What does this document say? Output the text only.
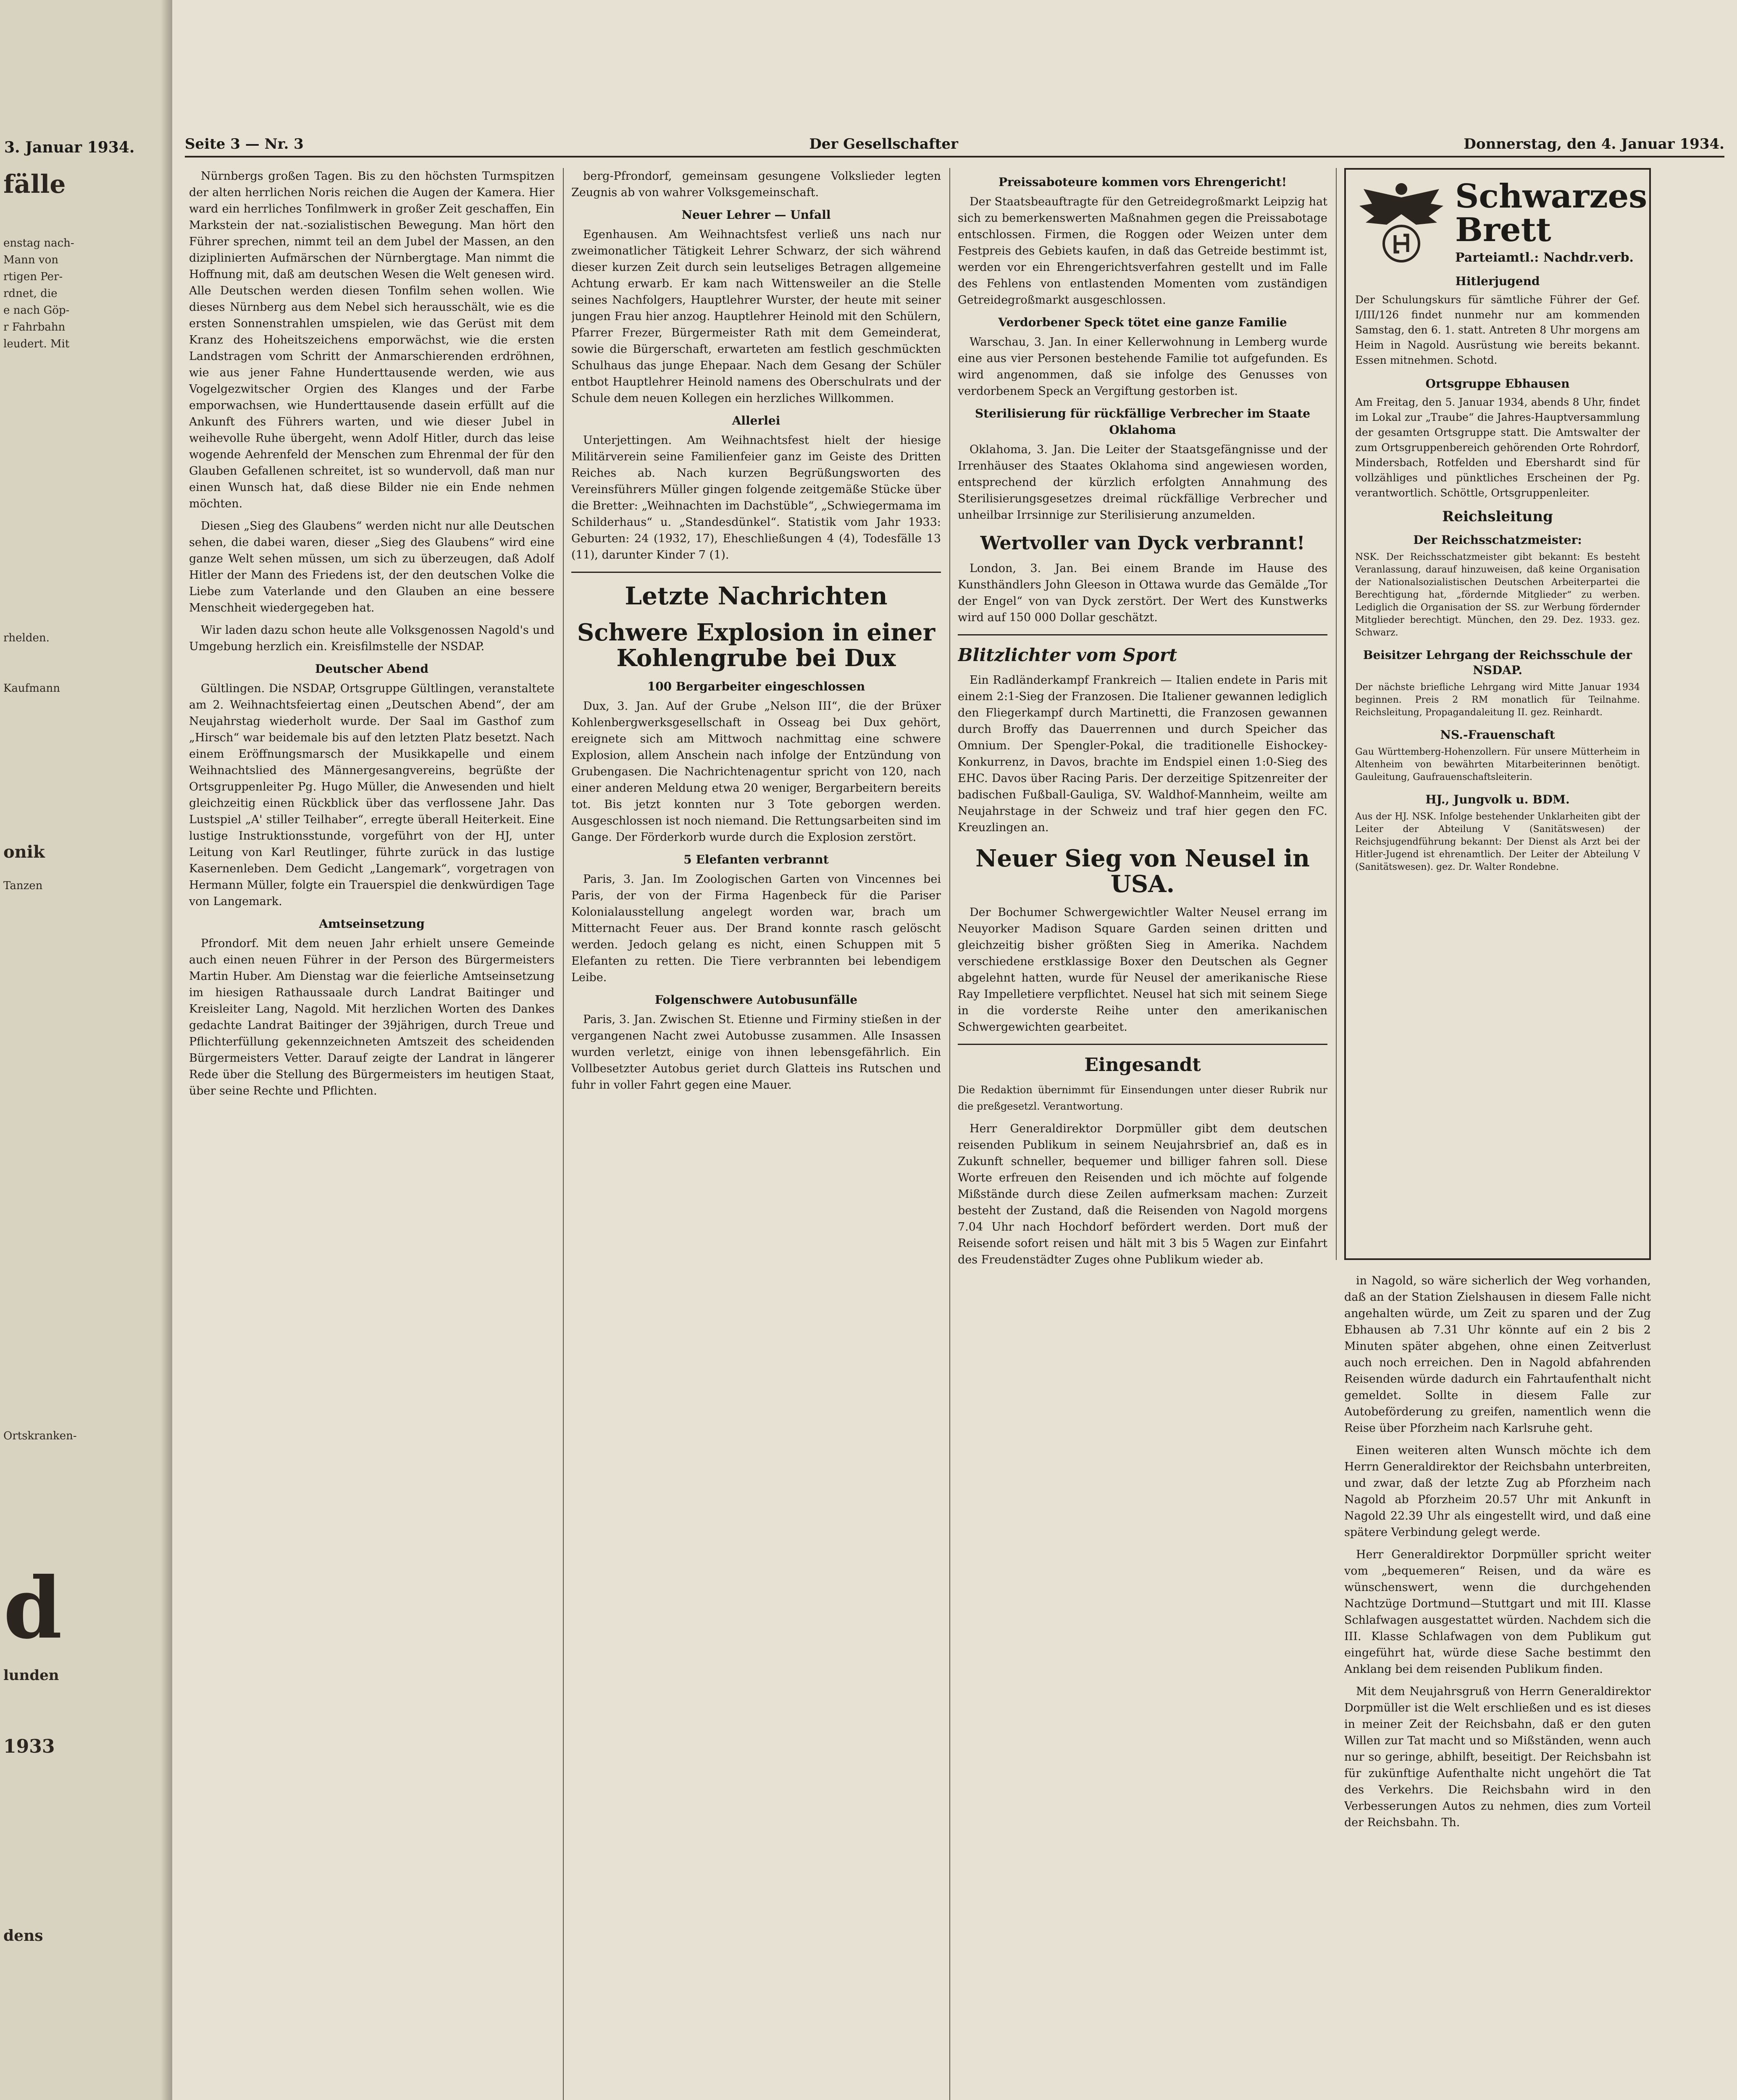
3. Januar 1934.
fälle
enstag nach-
Mann von
rtigen Per-
rdnet, die
e nach Göp-
r Fahrbahn
leudert. Mit
Kaufmann
rhelden.
onik
Tanzen
Ortskranken-
d
lunden
1933
dens
Seite 3 — Nr. 3	Der Gesellschafter	Donnerstag, den 4. Januar 1934.

Nürnbergs großen Tagen. Bis zu den höchsten Turmspitzen der alten herrlichen Noris reichen die Augen der Kamera. Hier ward ein herrliches Tonfilmwerk in großer Zeit geschaffen, Ein Markstein der nat.-sozialistischen Bewegung. Man hört den Führer sprechen, nimmt teil an dem Jubel der Massen, an den diziplinierten Aufmärschen der Nürnbergtage. Man nimmt die Hoffnung mit, daß am deutschen Wesen die Welt genesen wird. Alle Deutschen werden diesen Tonfilm sehen wollen. Wie dieses Nürnberg aus dem Nebel sich herausschält, wie es die ersten Sonnenstrahlen umspielen, wie das Gerüst mit dem Kranz des Hoheitszeichens emporwächst, wie die ersten Landstragen vom Schritt der Anmarschierenden erdröhnen, wie aus jener Fahne Hunderttausende werden, wie aus Vogelgezwitscher Orgien des Klanges und der Farbe emporwachsen, wie Hunderttausende dasein erfüllt auf die Ankunft des Führers warten, und wie dieser Jubel in weihevolle Ruhe übergeht, wenn Adolf Hitler, durch das leise wogende Aehrenfeld der Menschen zum Ehrenmal der für den Glauben Gefallenen schreitet, ist so wundervoll, daß man nur einen Wunsch hat, daß diese Bilder nie ein Ende nehmen möchten.

Diesen „Sieg des Glaubens“ werden nicht nur alle Deutschen sehen, die dabei waren, dieser „Sieg des Glaubens“ wird eine ganze Welt sehen müssen, um sich zu überzeugen, daß Adolf Hitler der Mann des Friedens ist, der den deutschen Volke die Liebe zum Vaterlande und den Glauben an eine bessere Menschheit wiedergegeben hat.

Wir laden dazu schon heute alle Volksgenossen Nagold's und Umgebung herzlich ein. Kreisfilmstelle der NSDAP.

Deutscher Abend

Gültlingen. Die NSDAP, Ortsgruppe Gültlingen, veranstaltete am 2. Weihnachtsfeiertag einen „Deutschen Abend“, der am Neujahrstag wiederholt wurde. Der Saal im Gasthof zum „Hirsch“ war beidemale bis auf den letzten Platz besetzt. Nach einem Eröffnungsmarsch der Musikkapelle und einem Weihnachtslied des Männergesangvereins, begrüßte der Ortsgruppenleiter Pg. Hugo Müller, die Anwesenden und hielt gleichzeitig einen Rückblick über das verflossene Jahr. Das Lustspiel „A' stiller Teilhaber“, erregte überall Heiterkeit. Eine lustige Instruktionsstunde, vorgeführt von der HJ, unter Leitung von Karl Reutlinger, führte zurück in das lustige Kasernenleben. Dem Gedicht „Langemark“, vorgetragen von Hermann Müller, folgte ein Trauerspiel die denkwürdigen Tage von Langemark.

Amtseinsetzung

Pfrondorf. Mit dem neuen Jahr erhielt unsere Gemeinde auch einen neuen Führer in der Person des Bürgermeisters Martin Huber. Am Dienstag war die feierliche Amtseinsetzung im hiesigen Rathaussaale durch Landrat Baitinger und Kreisleiter Lang, Nagold. Mit herzlichen Worten des Dankes gedachte Landrat Baitinger der 39jährigen, durch Treue und Pflichterfüllung gekennzeichneten Amtszeit des scheidenden Bürgermeisters Vetter. Darauf zeigte der Landrat in längerer Rede über die Stellung des Bürgermeisters im heutigen Staat, über seine Rechte und Pflichten.

berg-Pfrondorf, gemeinsam gesungene Volkslieder legten Zeugnis ab von wahrer Volksgemeinschaft.

Neuer Lehrer — Unfall

Egenhausen. Am Weihnachtsfest verließ uns nach nur zweimonatlicher Tätigkeit Lehrer Schwarz, der sich während dieser kurzen Zeit durch sein leutseliges Betragen allgemeine Achtung erwarb. Er kam nach Wittensweiler an die Stelle seines Nachfolgers, Hauptlehrer Wurster, der heute mit seiner jungen Frau hier anzog. Hauptlehrer Heinold mit den Schülern, Pfarrer Frezer, Bürgermeister Rath mit dem Gemeinderat, sowie die Bürgerschaft, erwarteten am festlich geschmückten Schulhaus das junge Ehepaar. Nach dem Gesang der Schüler entbot Hauptlehrer Heinold namens des Oberschulrats und der Schule dem neuen Kollegen ein herzliches Willkommen.

Allerlei

Unterjettingen. Am Weihnachtsfest hielt der hiesige Militärverein seine Familienfeier ganz im Geiste des Dritten Reiches ab. Nach kurzen Begrüßungsworten des Vereinsführers Müller gingen folgende zeitgemäße Stücke über die Bretter: „Weihnachten im Dachstüble“, „Schwiegermama im Schilderhaus“ u. „Standesdünkel“. Statistik vom Jahr 1933: Geburten: 24 (1932, 17), Eheschließungen 4 (4), Todesfälle 13 (11), darunter Kinder 7 (1).

Letzte Nachrichten
Schwere Explosion in einer Kohlengrube bei Dux
100 Bergarbeiter eingeschlossen

Dux, 3. Jan. Auf der Grube „Nelson III“, die der Brüxer Kohlenbergwerksgesellschaft in Osseag bei Dux gehört, ereignete sich am Mittwoch nachmittag eine schwere Explosion, allem Anschein nach infolge der Entzündung von Grubengasen. Die Nachrichtenagentur spricht von 120, nach einer anderen Meldung etwa 20 weniger, Bergarbeitern bereits tot. Bis jetzt konnten nur 3 Tote geborgen werden. Ausgeschlossen ist noch niemand. Die Rettungsarbeiten sind im Gange. Der Förderkorb wurde durch die Explosion zerstört.

5 Elefanten verbrannt

Paris, 3. Jan. Im Zoologischen Garten von Vincennes bei Paris, der von der Firma Hagenbeck für die Pariser Kolonialausstellung angelegt worden war, brach um Mitternacht Feuer aus. Der Brand konnte rasch gelöscht werden. Jedoch gelang es nicht, einen Schuppen mit 5 Elefanten zu retten. Die Tiere verbrannten bei lebendigem Leibe.

Folgenschwere Autobusunfälle

Paris, 3. Jan. Zwischen St. Etienne und Firminy stießen in der vergangenen Nacht zwei Autobusse zusammen. Alle Insassen wurden verletzt, einige von ihnen lebensgefährlich. Ein Vollbesetzter Autobus geriet durch Glatteis ins Rutschen und fuhr in voller Fahrt gegen eine Mauer.

Preissaboteure kommen vors Ehrengericht!

Der Staatsbeauftragte für den Getreidegroßmarkt Leipzig hat sich zu bemerkenswerten Maßnahmen gegen die Preissabotage entschlossen. Firmen, die Roggen oder Weizen unter dem Festpreis des Gebiets kaufen, in daß das Getreide bestimmt ist, werden vor ein Ehrengerichtsverfahren gestellt und im Falle des Fehlens von entlastenden Momenten vom zuständigen Getreidegroßmarkt ausgeschlossen.

Verdorbener Speck tötet eine ganze Familie

Warschau, 3. Jan. In einer Kellerwohnung in Lemberg wurde eine aus vier Personen bestehende Familie tot aufgefunden. Es wird angenommen, daß sie infolge des Genusses von verdorbenem Speck an Vergiftung gestorben ist.

Sterilisierung für rückfällige Verbrecher im Staate Oklahoma

Oklahoma, 3. Jan. Die Leiter der Staatsgefängnisse und der Irrenhäuser des Staates Oklahoma sind angewiesen worden, entsprechend der kürzlich erfolgten Annahmung des Sterilisierungsgesetzes dreimal rückfällige Verbrecher und unheilbar Irrsinnige zur Sterilisierung anzumelden.

Wertvoller van Dyck verbrannt!

London, 3. Jan. Bei einem Brande im Hause des Kunsthändlers John Gleeson in Ottawa wurde das Gemälde „Tor der Engel“ von van Dyck zerstört. Der Wert des Kunstwerks wird auf 150 000 Dollar geschätzt.

Blitzlichter vom Sport

Ein Radländerkampf Frankreich — Italien endete in Paris mit einem 2:1-Sieg der Franzosen. Die Italiener gewannen lediglich den Fliegerkampf durch Martinetti, die Franzosen gewannen durch Broffy das Dauerrennen und durch Speicher das Omnium. Der Spengler-Pokal, die traditionelle Eishockey-Konkurrenz, in Davos, brachte im Endspiel einen 1:0-Sieg des EHC. Davos über Racing Paris. Der derzeitige Spitzenreiter der badischen Fußball-Gauliga, SV. Waldhof-Mannheim, weilte am Neujahrstage in der Schweiz und traf hier gegen den FC. Kreuzlingen an.

Neuer Sieg von Neusel in USA.

Der Bochumer Schwergewichtler Walter Neusel errang im Neuyorker Madison Square Garden seinen dritten und gleichzeitig bisher größten Sieg in Amerika. Nachdem verschiedene erstklassige Boxer den Deutschen als Gegner abgelehnt hatten, wurde für Neusel der amerikanische Riese Ray Impelletiere verpflichtet. Neusel hat sich mit seinem Siege in die vorderste Reihe unter den amerikanischen Schwergewichten gearbeitet.

Eingesandt

Die Redaktion übernimmt für Einsendungen unter dieser Rubrik nur die preßgesetzl. Verantwortung.

Herr Generaldirektor Dorpmüller gibt dem deutschen reisenden Publikum in seinem Neujahrsbrief an, daß es in Zukunft schneller, bequemer und billiger fahren soll. Diese Worte erfreuen den Reisenden und ich möchte auf folgende Mißstände durch diese Zeilen aufmerksam machen: Zurzeit besteht der Zustand, daß die Reisenden von Nagold morgens 7.04 Uhr nach Hochdorf befördert werden. Dort muß der Reisende sofort reisen und hält mit 3 bis 5 Wagen zur Einfahrt des Freudenstädter Zuges ohne Publikum wieder ab.

Schwarzes Brett
Parteiamtl.: Nachdr.verb.
Hitlerjugend

Der Schulungskurs für sämtliche Führer der Gef. I/III/126 findet nunmehr nur am kommenden Samstag, den 6. 1. statt. Antreten 8 Uhr morgens am Heim in Nagold. Ausrüstung wie bereits bekannt. Essen mitnehmen. Schotd.

Ortsgruppe Ebhausen

Am Freitag, den 5. Januar 1934, abends 8 Uhr, findet im Lokal zur „Traube“ die Jahres-Hauptversammlung der gesamten Ortsgruppe statt. Die Amtswalter der zum Ortsgruppenbereich gehörenden Orte Rohrdorf, Mindersbach, Rotfelden und Ebershardt sind für vollzähliges und pünktliches Erscheinen der Pg. verantwortlich. Schöttle, Ortsgruppenleiter.

Reichsleitung
Der Reichsschatzmeister:

NSK. Der Reichsschatzmeister gibt bekannt: Es besteht Veranlassung, darauf hinzuweisen, daß keine Organisation der Nationalsozialistischen Deutschen Arbeiterpartei die Berechtigung hat, „fördernde Mitglieder“ zu werben. Lediglich die Organisation der SS. zur Werbung fördernder Mitglieder berechtigt. München, den 29. Dez. 1933. gez. Schwarz.

Beisitzer Lehrgang der Reichsschule der NSDAP.

Der nächste briefliche Lehrgang wird Mitte Januar 1934 beginnen. Preis 2 RM monatlich für Teilnahme. Reichsleitung, Propagandaleitung II. gez. Reinhardt.

NS.-Frauenschaft

Gau Württemberg-Hohenzollern. Für unsere Mütterheim in Altenheim von bewährten Mitarbeiterinnen benötigt. Gauleitung, Gaufrauenschaftsleiterin.

HJ., Jungvolk u. BDM.

Aus der HJ. NSK. Infolge bestehender Unklarheiten gibt der Leiter der Abteilung V (Sanitätswesen) der Reichsjugendführung bekannt: Der Dienst als Arzt bei der Hitler-Jugend ist ehrenamtlich. Der Leiter der Abteilung V (Sanitätswesen). gez. Dr. Walter Rondebne.

in Nagold, so wäre sicherlich der Weg vorhanden, daß an der Station Zielshausen in diesem Falle nicht angehalten würde, um Zeit zu sparen und der Zug Ebhausen ab 7.31 Uhr könnte auf ein 2 bis 2 Minuten später abgehen, ohne einen Zeitverlust auch noch erreichen. Den in Nagold abfahrenden Reisenden würde dadurch ein Fahrtaufenthalt nicht gemeldet. Sollte in diesem Falle zur Autobeförderung zu greifen, namentlich wenn die Reise über Pforzheim nach Karlsruhe geht.

Einen weiteren alten Wunsch möchte ich dem Herrn Generaldirektor der Reichsbahn unterbreiten, und zwar, daß der letzte Zug ab Pforzheim nach Nagold ab Pforzheim 20.57 Uhr mit Ankunft in Nagold 22.39 Uhr als eingestellt wird, und daß eine spätere Verbindung gelegt werde.

Herr Generaldirektor Dorpmüller spricht weiter vom „bequemeren“ Reisen, und da wäre es wünschenswert, wenn die durchgehenden Nachtzüge Dortmund—Stuttgart und mit III. Klasse Schlafwagen ausgestattet würden. Nachdem sich die III. Klasse Schlafwagen von dem Publikum gut eingeführt hat, würde diese Sache bestimmt den Anklang bei dem reisenden Publikum finden.

Mit dem Neujahrsgruß von Herrn Generaldirektor Dorpmüller ist die Welt erschließen und es ist dieses in meiner Zeit der Reichsbahn, daß er den guten Willen zur Tat macht und so Mißständen, wenn auch nur so geringe, abhilft, beseitigt. Der Reichsbahn ist für zukünftige Aufenthalte nicht ungehört die Tat des Verkehrs. Die Reichsbahn wird in den Verbesserungen Autos zu nehmen, dies zum Vorteil der Reichsbahn. Th.
